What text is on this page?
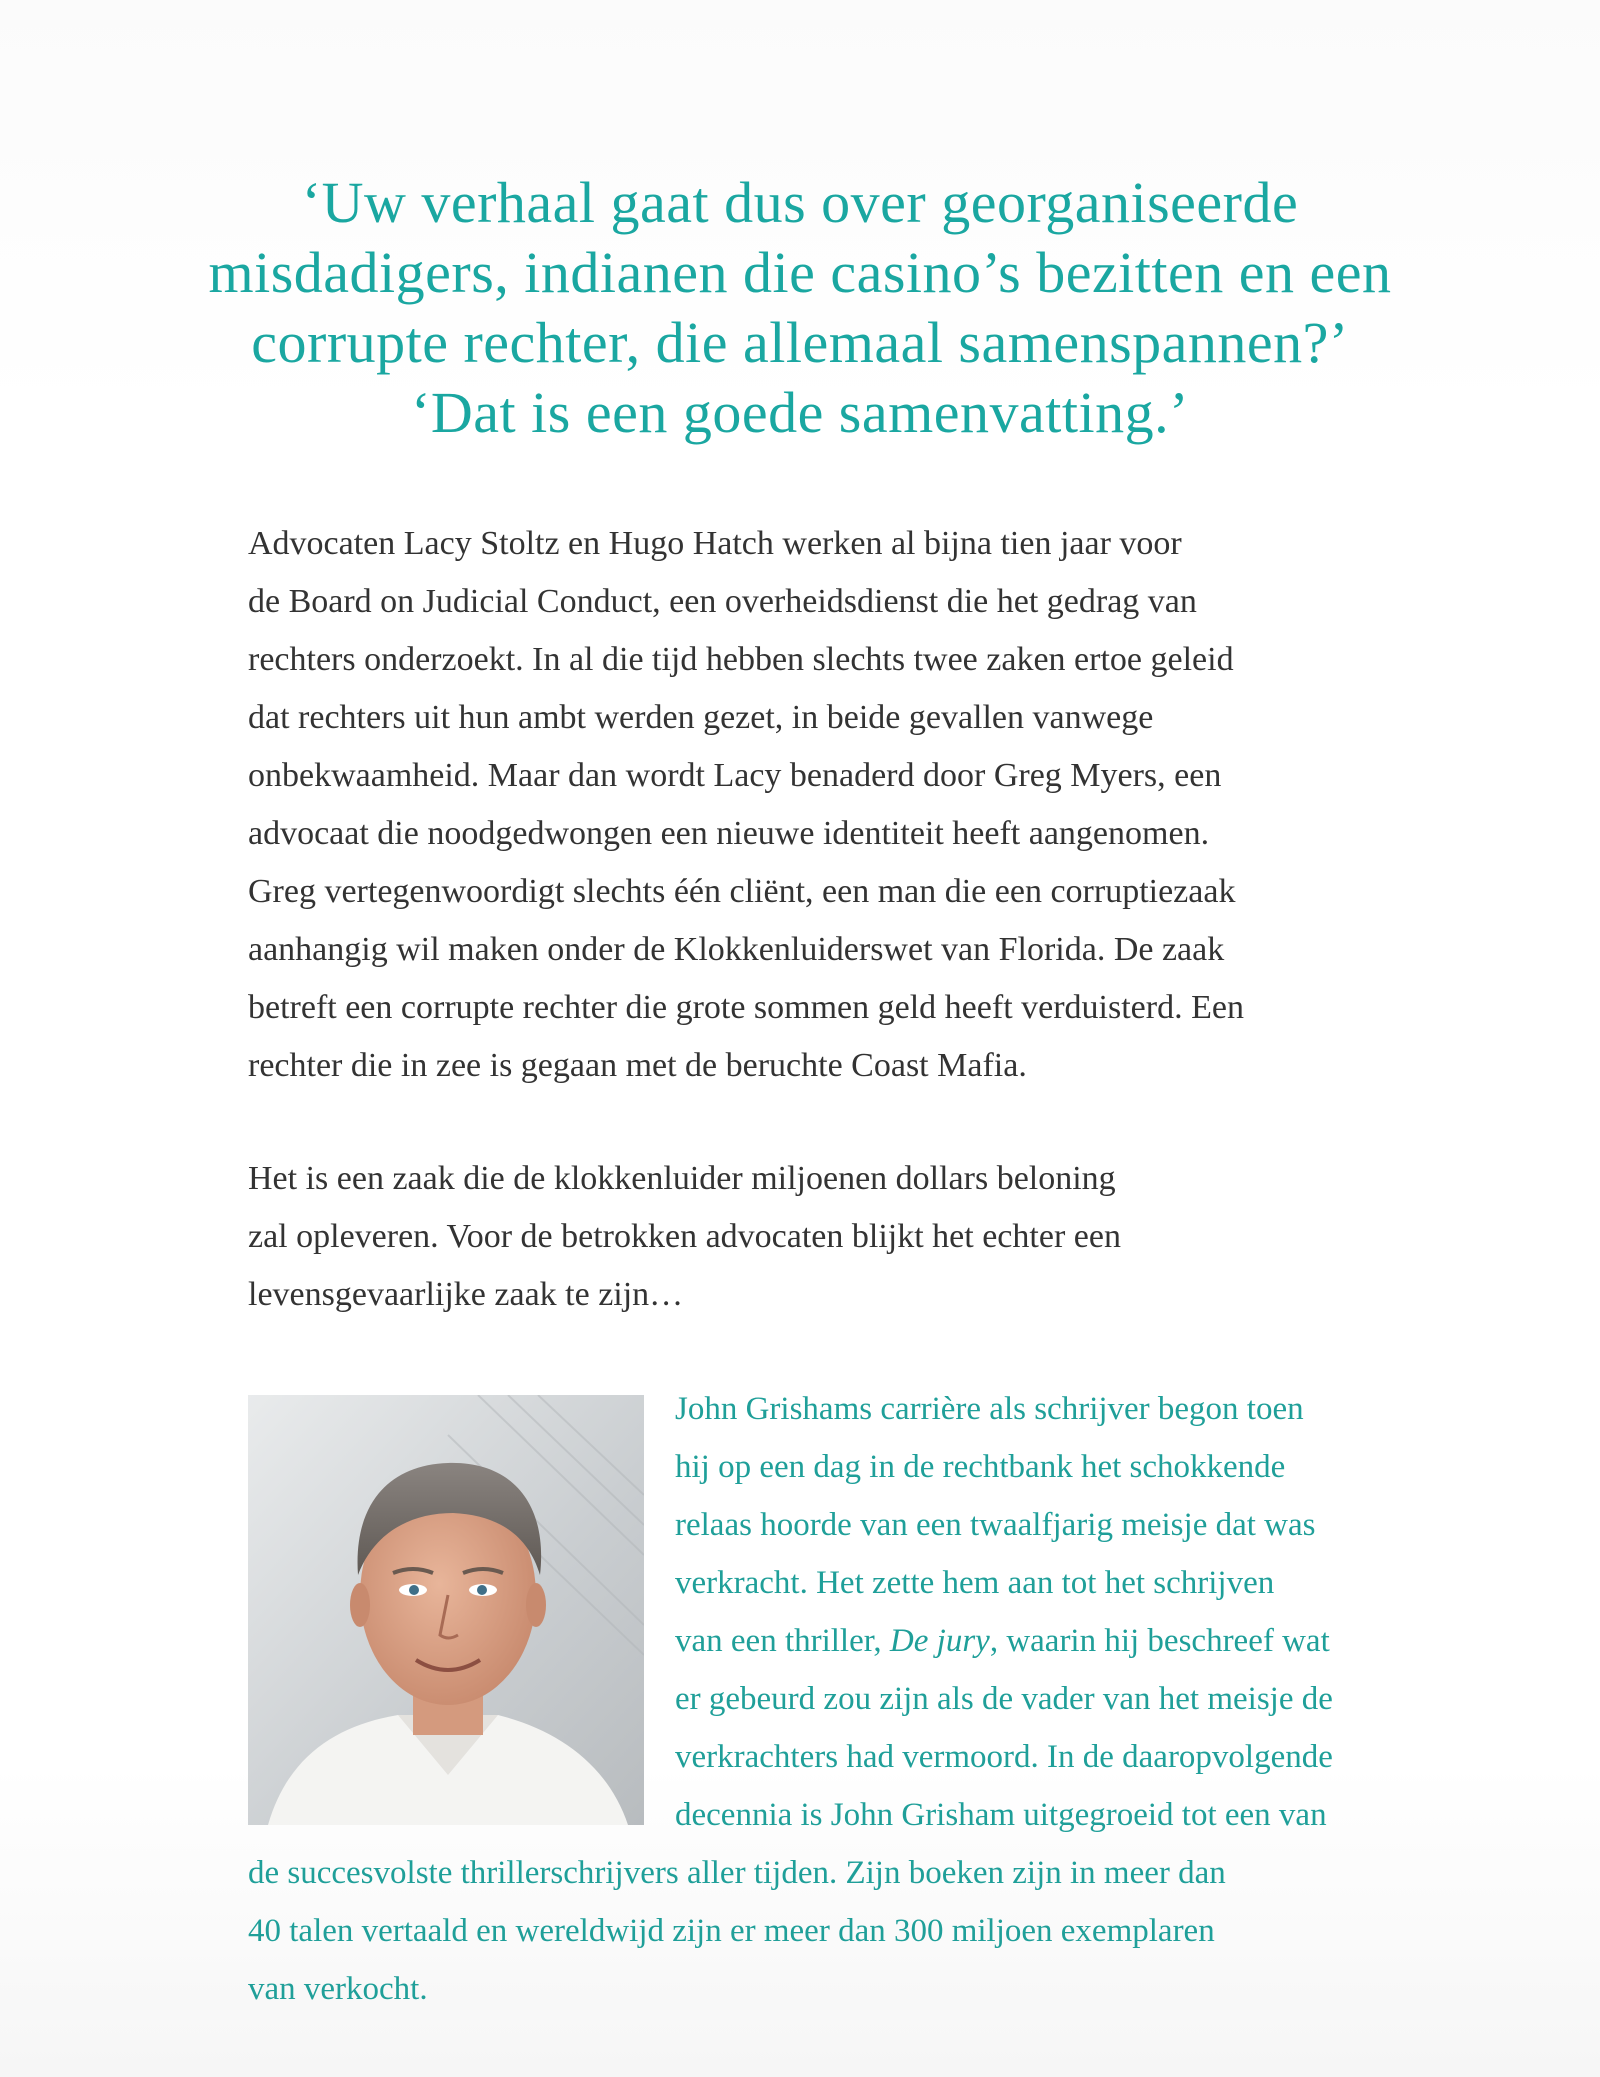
‘Uw verhaal gaat dus over georganiseerde
misdadigers, indianen die casino’s bezitten en een
corrupte rechter, die allemaal samenspannen?’
‘Dat is een goede samenvatting.’
Advocaten Lacy Stoltz en Hugo Hatch werken al bijna tien jaar voor
de Board on Judicial Conduct, een overheidsdienst die het gedrag van
rechters onderzoekt. In al die tijd hebben slechts twee zaken ertoe geleid
dat rechters uit hun ambt werden gezet, in beide gevallen vanwege
onbekwaamheid. Maar dan wordt Lacy benaderd door Greg Myers, een
advocaat die noodgedwongen een nieuwe identiteit heeft aangenomen.
Greg vertegenwoordigt slechts één cliënt, een man die een corruptiezaak
aanhangig wil maken onder de Klokkenluiderswet van Florida. De zaak
betreft een corrupte rechter die grote sommen geld heeft verduisterd. Een
rechter die in zee is gegaan met de beruchte Coast Mafia.
Het is een zaak die de klokkenluider miljoenen dollars beloning
zal opleveren. Voor de betrokken advocaten blijkt het echter een
levensgevaarlijke zaak te zijn…
John Grishams carrière als schrijver begon toen
hij op een dag in de rechtbank het schokkende
relaas hoorde van een twaalfjarig meisje dat was
verkracht. Het zette hem aan tot het schrijven
van een thriller, De jury, waarin hij beschreef wat
er gebeurd zou zijn als de vader van het meisje de
verkrachters had vermoord. In de daaropvolgende
decennia is John Grisham uitgegroeid tot een van
de succesvolste thrillerschrijvers aller tijden. Zijn boeken zijn in meer dan
40 talen vertaald en wereldwijd zijn er meer dan 300 miljoen exemplaren
van verkocht.
